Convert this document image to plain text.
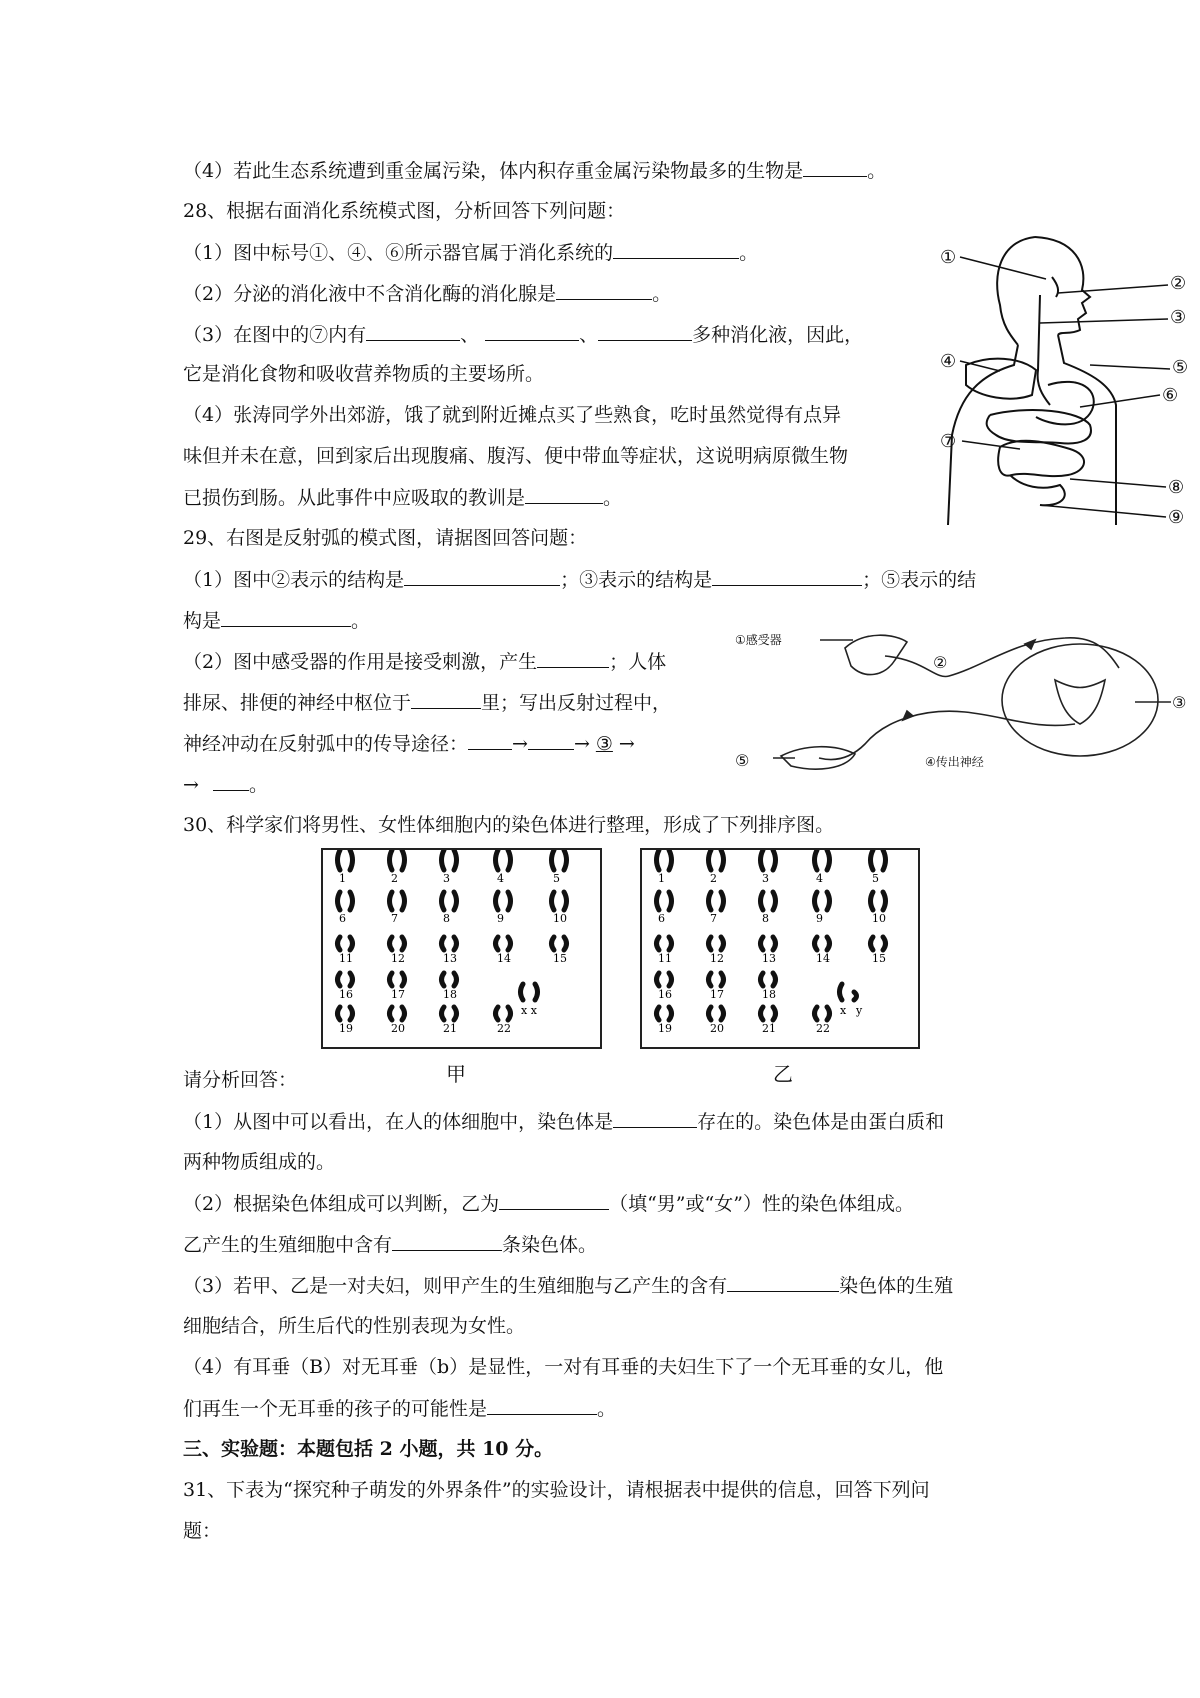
（4）若此生态系统遭到重金属污染，体内积存重金属污染物最多的生物是	。
28、根据右面消化系统模式图，分析回答下列问题：
（1）图中标号①、④、⑥所示器官属于消化系统的	。
（2）分泌的消化液中不含消化酶的消化腺是	。
（3）在图中的⑦内有	、	、	多种消化液，因此，
它是消化食物和吸收营养物质的主要场所。
（4）张涛同学外出郊游，饿了就到附近摊点买了些熟食，吃时虽然觉得有点异
味但并未在意，回到家后出现腹痛、腹泻、便中带血等症状，这说明病原微生物
已损伤到肠。从此事件中应吸取的教训是	。
①
②
③
④	⑤
⑥
⑦
⑧
⑨
29、右图是反射弧的模式图，请据图回答问题：
（1）图中②表示的结构是	；③表示的结构是	；⑤表示的结
构是	。
（2）图中感受器的作用是接受刺激，产生	；人体
排尿、排便的神经中枢位于	里；写出反射过程中，
神经冲动在反射弧中的传导途径： → → ③ →
→	。
①感受器
②
③
④传出神经
⑤
30、科学家们将男性、女性体细胞内的染色体进行整理，形成了下列排序图。
1	2	3	4	5
6	7	8	9	10
11	12	13	14	15
16	17	18
19	20	21	22
x x
1	2	3	4	5
6	7	8	9	10
11	12	13	14	15
16	17	18
19	20	21	22
x y
甲	乙
请分析回答：
（1）从图中可以看出，在人的体细胞中，染色体是	存在的。染色体是由蛋白质和
两种物质组成的。
（2）根据染色体组成可以判断，乙为	（填“男”或“女”）性的染色体组成。
乙产生的生殖细胞中含有	条染色体。
（3）若甲、乙是一对夫妇，则甲产生的生殖细胞与乙产生的含有	染色体的生殖
细胞结合，所生后代的性别表现为女性。
（4）有耳垂（B）对无耳垂（b）是显性，一对有耳垂的夫妇生下了一个无耳垂的女儿，他
们再生一个无耳垂的孩子的可能性是	。
三、实验题：本题包括 2 小题，共 10 分。
31、下表为“探究种子萌发的外界条件”的实验设计，请根据表中提供的信息，回答下列问
题：
